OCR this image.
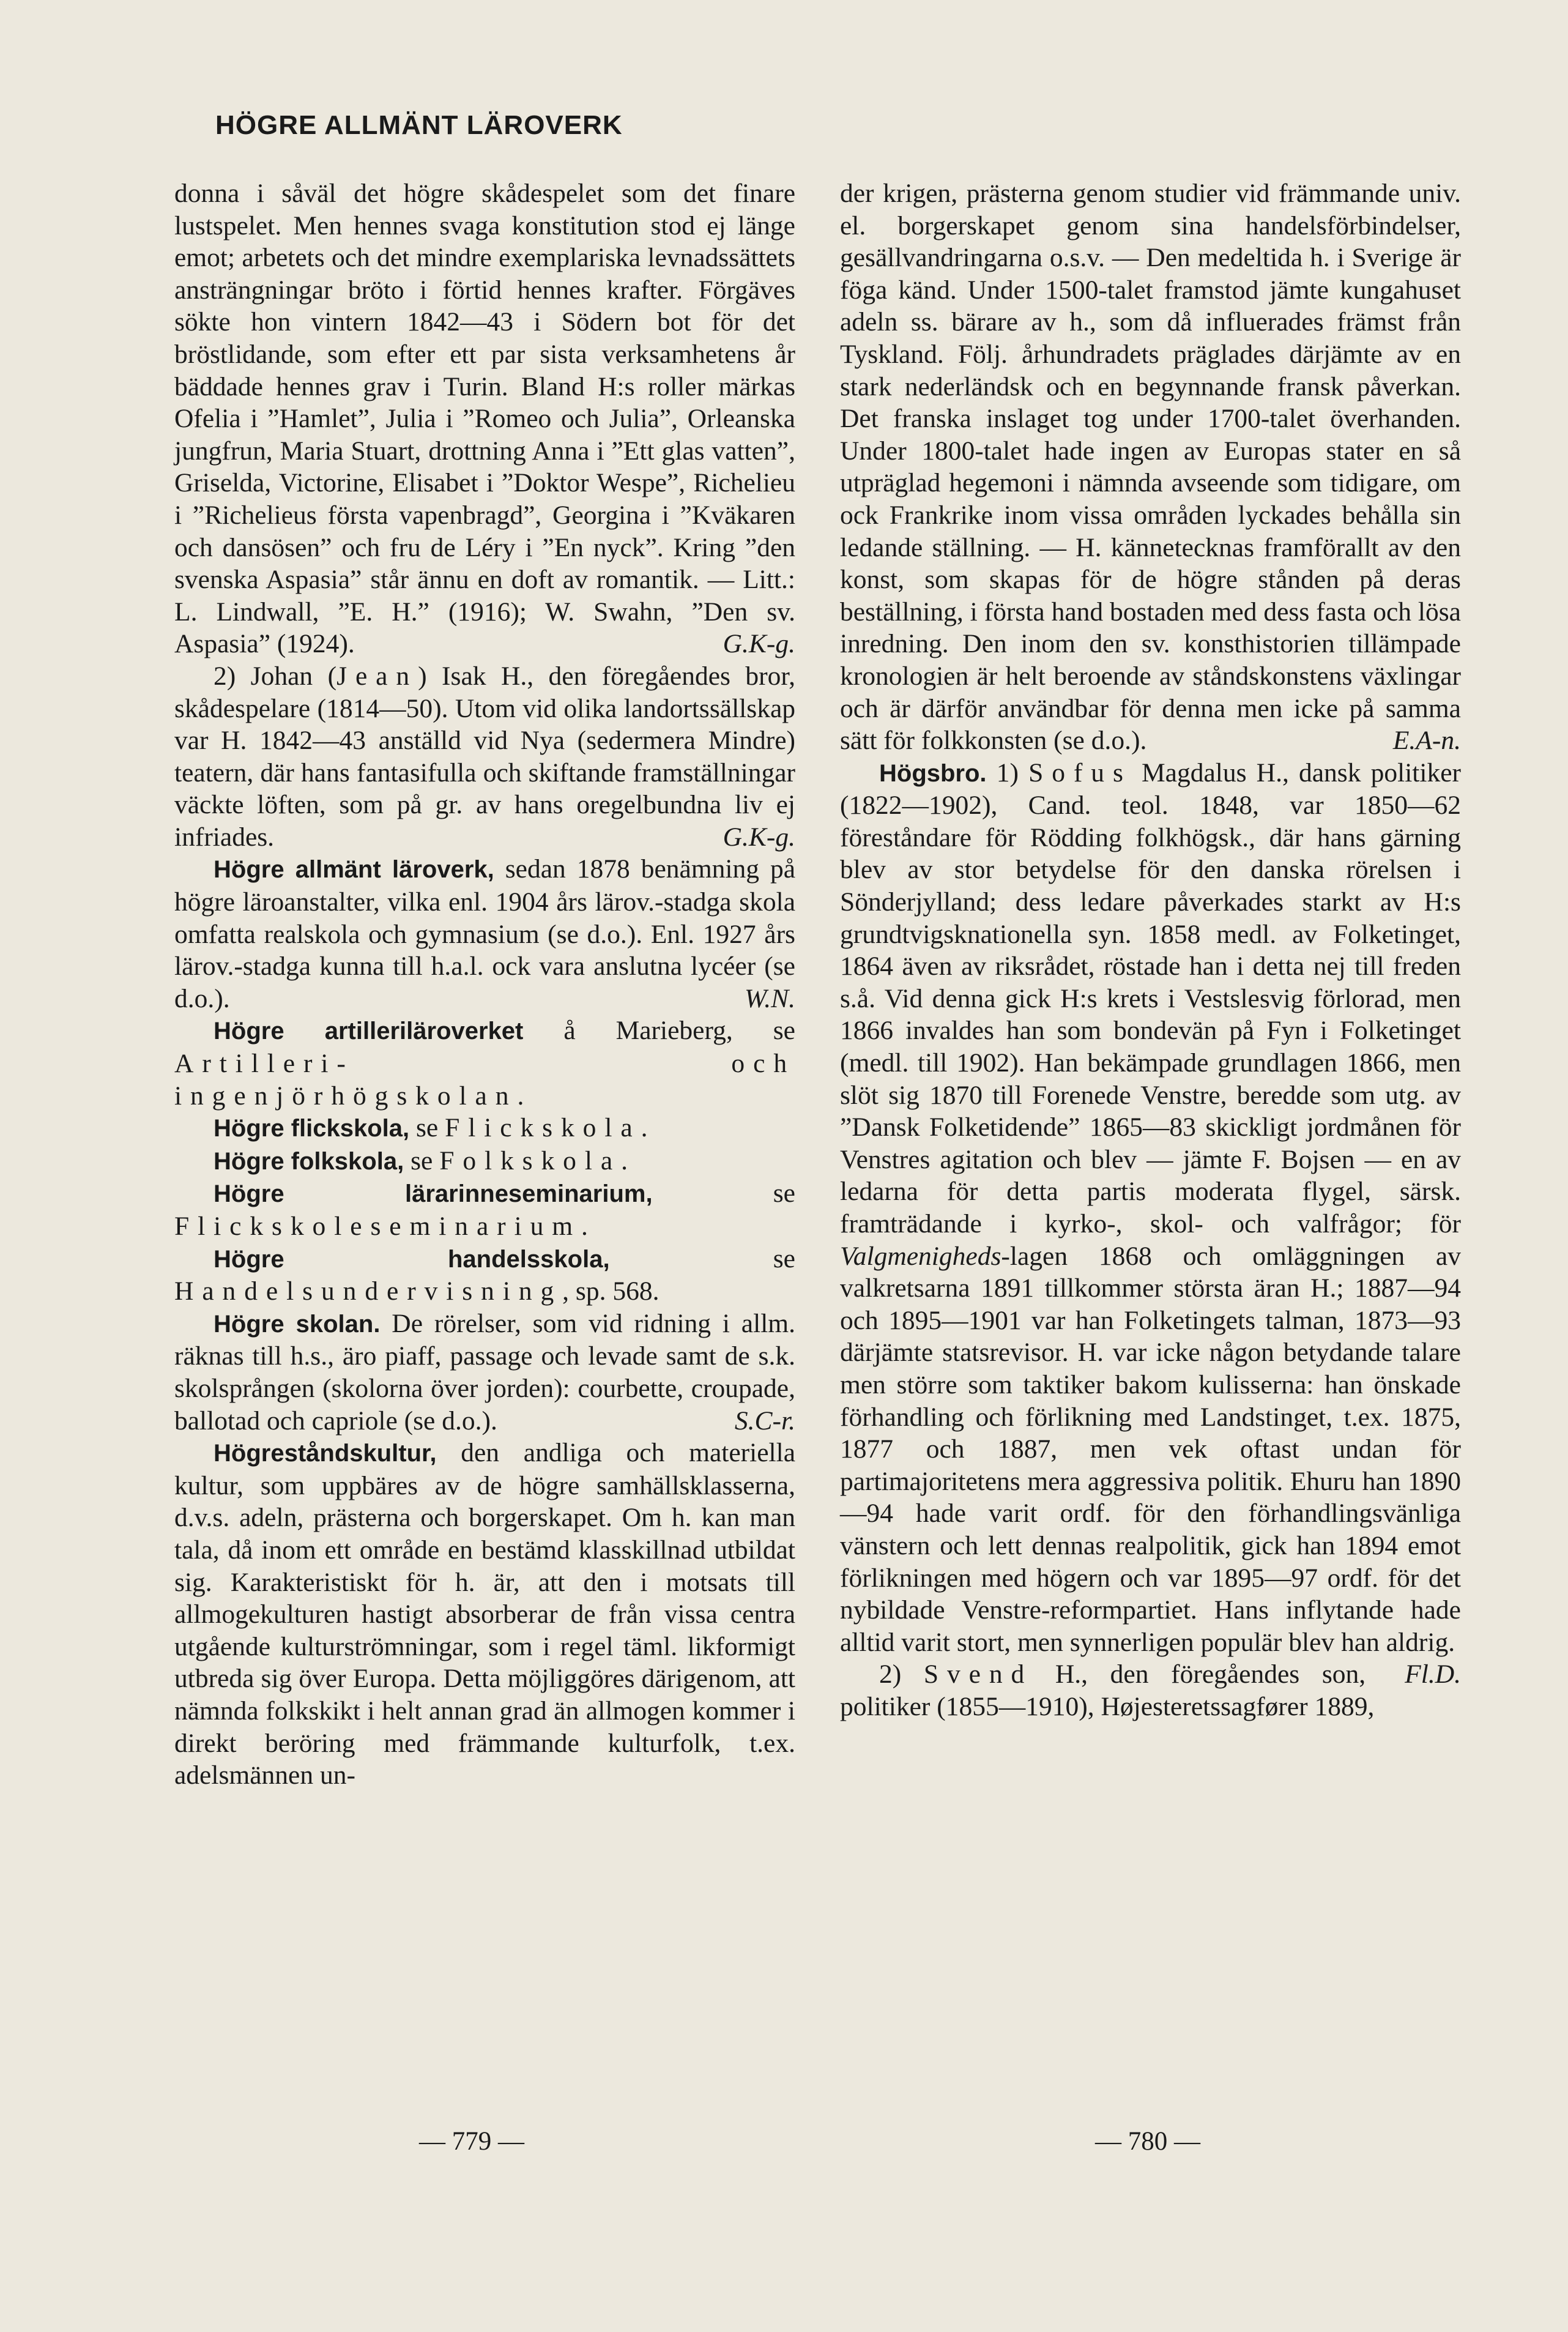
HÖGRE ALLMÄNT LÄROVERK

donna i såväl det högre skådespelet som det finare lustspelet. Men hennes svaga konstitution stod ej länge emot; arbetets och det mindre exemplariska levnadssättets ansträngningar bröto i förtid hennes krafter. Förgäves sökte hon vintern 1842—43 i Södern bot för det bröstlidande, som efter ett par sista verksamhetens år bäddade hennes grav i Turin. Bland H:s roller märkas Ofelia i ”Hamlet”, Julia i ”Romeo och Julia”, Orleanska jungfrun, Maria Stuart, drottning Anna i ”Ett glas vatten”, Griselda, Victorine, Elisabet i ”Doktor Wespe”, Richelieu i ”Richelieus första vapenbragd”, Georgina i ”Kväkaren och dansösen” och fru de Léry i ”En nyck”. Kring ”den svenska Aspasia” står ännu en doft av romantik. — Litt.: L. Lindwall, ”E. H.” (1916); W. Swahn, ”Den sv. Aspasia” (1924).	G.K-g.

2) Johan (Jean) Isak H., den föregåendes bror, skådespelare (1814—50). Utom vid olika landortssällskap var H. 1842—43 anställd vid Nya (sedermera Mindre) teatern, där hans fantasifulla och skiftande framställningar väckte löften, som på gr. av hans oregelbundna liv ej infriades.	G.K-g.

Högre allmänt läroverk, sedan 1878 benämning på högre läroanstalter, vilka enl. 1904 års lärov.-stadga skola omfatta realskola och gymnasium (se d.o.). Enl. 1927 års lärov.-stadga kunna till h.a.l. ock vara anslutna lycéer (se d.o.).	W.N.

Högre artilleriläroverket å Marieberg, se Artilleri- och ingenjörhögskolan.

Högre flickskola, se Flickskola.

Högre folkskola, se Folkskola.

Högre lärarinneseminarium, se Flickskoleseminarium.

Högre handelsskola, se Handelsundervisning, sp. 568.

Högre skolan. De rörelser, som vid ridning i allm. räknas till h.s., äro piaff, passage och levade samt de s.k. skolsprången (skolorna över jorden): courbette, croupade, ballotad och capriole (se d.o.).	S.C-r.

Högreståndskultur, den andliga och materiella kultur, som uppbäres av de högre samhällsklasserna, d.v.s. adeln, prästerna och borgerskapet. Om h. kan man tala, då inom ett område en bestämd klasskillnad utbildat sig. Karakteristiskt för h. är, att den i motsats till allmogekulturen hastigt absorberar de från vissa centra utgående kulturströmningar, som i regel täml. likformigt utbreda sig över Europa. Detta möjliggöres därigenom, att nämnda folkskikt i helt annan grad än allmogen kommer i direkt beröring med främmande kulturfolk, t.ex. adelsmännen un-

der krigen, prästerna genom studier vid främmande univ. el. borgerskapet genom sina handelsförbindelser, gesällvandringarna o.s.v. — Den medeltida h. i Sverige är föga känd. Under 1500-talet framstod jämte kungahuset adeln ss. bärare av h., som då influerades främst från Tyskland. Följ. århundradets präglades därjämte av en stark nederländsk och en begynnande fransk påverkan. Det franska inslaget tog under 1700-talet överhanden. Under 1800-talet hade ingen av Europas stater en så utpräglad hegemoni i nämnda avseende som tidigare, om ock Frankrike inom vissa områden lyckades behålla sin ledande ställning. — H. kännetecknas framförallt av den konst, som skapas för de högre stånden på deras beställning, i första hand bostaden med dess fasta och lösa inredning. Den inom den sv. konsthistorien tillämpade kronologien är helt beroende av ståndskonstens växlingar och är därför användbar för denna men icke på samma sätt för folkkonsten (se d.o.).	E.A-n.

Högsbro. 1) Sofus Magdalus H., dansk politiker (1822—1902), Cand. teol. 1848, var 1850—62 föreståndare för Rödding folkhögsk., där hans gärning blev av stor betydelse för den danska rörelsen i Sönderjylland; dess ledare påverkades starkt av H:s grundtvigsknationella syn. 1858 medl. av Folketinget, 1864 även av riksrådet, röstade han i detta nej till freden s.å. Vid denna gick H:s krets i Vestslesvig förlorad, men 1866 invaldes han som bondevän på Fyn i Folketinget (medl. till 1902). Han bekämpade grundlagen 1866, men slöt sig 1870 till Forenede Venstre, beredde som utg. av ”Dansk Folketidende” 1865—83 skickligt jordmånen för Venstres agitation och blev — jämte F. Bojsen — en av ledarna för detta partis moderata flygel, särsk. framträdande i kyrko-, skol- och valfrågor; för Valgmenigheds-lagen 1868 och omläggningen av valkretsarna 1891 tillkommer största äran H.; 1887—94 och 1895—1901 var han Folketingets talman, 1873—93 därjämte statsrevisor. H. var icke någon betydande talare men större som taktiker bakom kulisserna: han önskade förhandling och förlikning med Landstinget, t.ex. 1875, 1877 och 1887, men vek oftast undan för partimajoritetens mera aggressiva politik. Ehuru han 1890—94 hade varit ordf. för den förhandlingsvänliga vänstern och lett dennas realpolitik, gick han 1894 emot förlikningen med högern och var 1895—97 ordf. för det nybildade Venstre-reformpartiet. Hans inflytande hade alltid varit stort, men synnerligen populär blev han aldrig.
Fl.D.

2) Svend H., den föregåendes son, politiker (1855—1910), Højesteretssagfører 1889,

— 779 —	— 780 —
